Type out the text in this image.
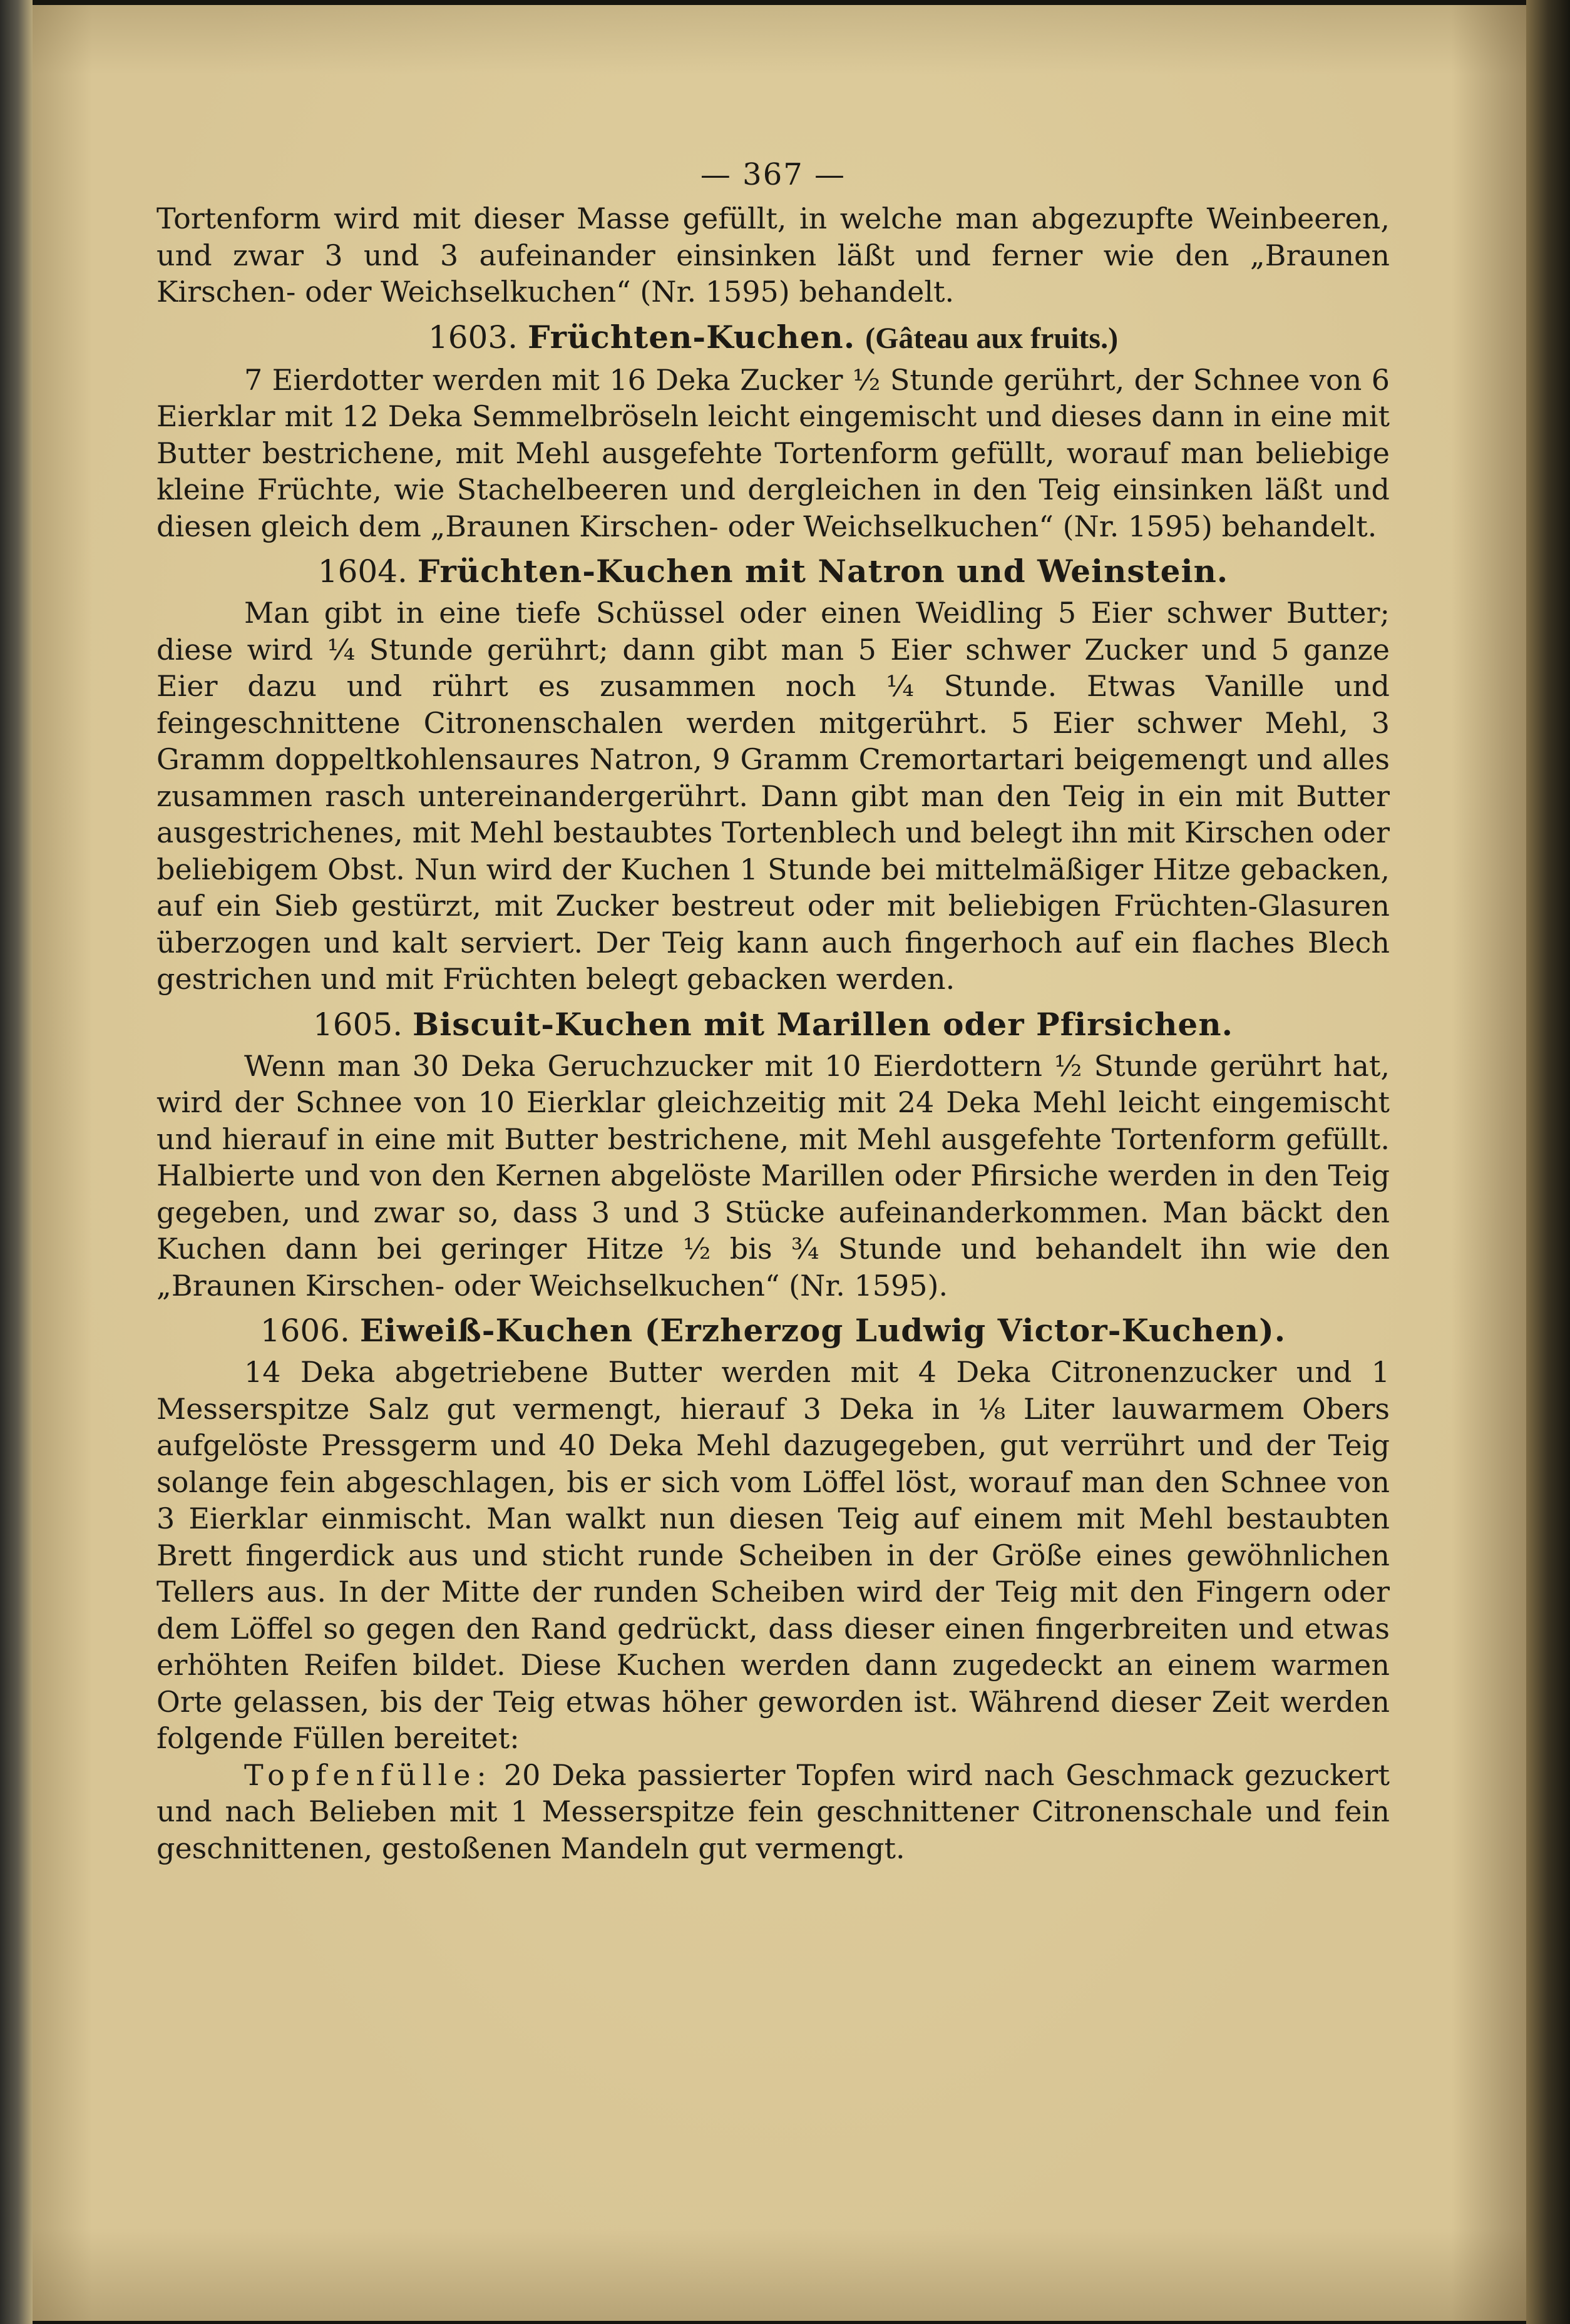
— 367 —

Tortenform wird mit dieser Masse gefüllt, in welche man abgezupfte Weinbeeren, und zwar 3 und 3 aufeinander einsinken läßt und ferner wie den „Braunen Kirschen- oder Weichselkuchen“ (Nr. 1595) behandelt.

1603. Früchten-Kuchen. (Gâteau aux fruits.)

7 Eierdotter werden mit 16 Deka Zucker ½ Stunde gerührt, der Schnee von 6 Eierklar mit 12 Deka Semmelbröseln leicht eingemischt und dieses dann in eine mit Butter bestrichene, mit Mehl ausgefehte Tortenform gefüllt, worauf man beliebige kleine Früchte, wie Stachelbeeren und dergleichen in den Teig einsinken läßt und diesen gleich dem „Braunen Kirschen- oder Weichselkuchen“ (Nr. 1595) behandelt.

1604. Früchten-Kuchen mit Natron und Weinstein.

Man gibt in eine tiefe Schüssel oder einen Weidling 5 Eier schwer Butter; diese wird ¼ Stunde gerührt; dann gibt man 5 Eier schwer Zucker und 5 ganze Eier dazu und rührt es zusammen noch ¼ Stunde. Etwas Vanille und feingeschnittene Citronenschalen werden mitgerührt. 5 Eier schwer Mehl, 3 Gramm doppeltkohlensaures Natron, 9 Gramm Cremortartari beigemengt und alles zusammen rasch untereinandergerührt. Dann gibt man den Teig in ein mit Butter ausgestrichenes, mit Mehl bestaubtes Tortenblech und belegt ihn mit Kirschen oder beliebigem Obst. Nun wird der Kuchen 1 Stunde bei mittelmäßiger Hitze gebacken, auf ein Sieb gestürzt, mit Zucker bestreut oder mit beliebigen Früchten-Glasuren überzogen und kalt serviert. Der Teig kann auch fingerhoch auf ein flaches Blech gestrichen und mit Früchten belegt gebacken werden.

1605. Biscuit-Kuchen mit Marillen oder Pfirsichen.

Wenn man 30 Deka Geruchzucker mit 10 Eierdottern ½ Stunde gerührt hat, wird der Schnee von 10 Eierklar gleichzeitig mit 24 Deka Mehl leicht eingemischt und hierauf in eine mit Butter bestrichene, mit Mehl ausgefehte Tortenform gefüllt. Halbierte und von den Kernen abgelöste Marillen oder Pfirsiche werden in den Teig gegeben, und zwar so, dass 3 und 3 Stücke aufeinanderkommen. Man bäckt den Kuchen dann bei geringer Hitze ½ bis ¾ Stunde und behandelt ihn wie den „Braunen Kirschen- oder Weichselkuchen“ (Nr. 1595).

1606. Eiweiß-Kuchen (Erzherzog Ludwig Victor-Kuchen).

14 Deka abgetriebene Butter werden mit 4 Deka Citronenzucker und 1 Messerspitze Salz gut vermengt, hierauf 3 Deka in ⅛ Liter lauwarmem Obers aufgelöste Pressgerm und 40 Deka Mehl dazugegeben, gut verrührt und der Teig solange fein abgeschlagen, bis er sich vom Löffel löst, worauf man den Schnee von 3 Eierklar einmischt. Man walkt nun diesen Teig auf einem mit Mehl bestaubten Brett fingerdick aus und sticht runde Scheiben in der Größe eines gewöhnlichen Tellers aus. In der Mitte der runden Scheiben wird der Teig mit den Fingern oder dem Löffel so gegen den Rand gedrückt, dass dieser einen fingerbreiten und etwas erhöhten Reifen bildet. Diese Kuchen werden dann zugedeckt an einem warmen Orte gelassen, bis der Teig etwas höher geworden ist. Während dieser Zeit werden folgende Füllen bereitet:

Topfenfülle: 20 Deka passierter Topfen wird nach Geschmack gezuckert und nach Belieben mit 1 Messerspitze fein geschnittener Citronenschale und fein geschnittenen, gestoßenen Mandeln gut vermengt.
